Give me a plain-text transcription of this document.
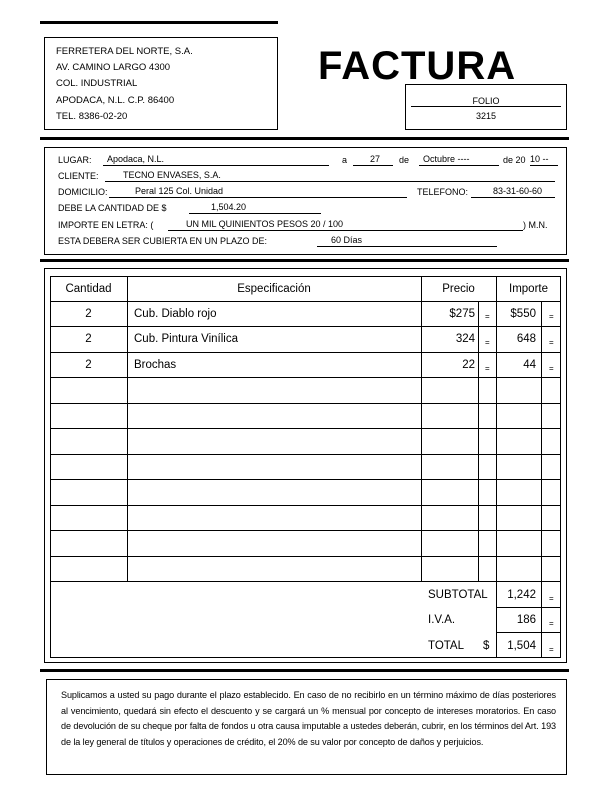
FERRETERA DEL NORTE, S.A.
AV. CAMINO LARGO 4300
COL. INDUSTRIAL
APODACA, N.L. C.P. 86400
TEL. 8386-02-20
FACTURA
FOLIO
3215
LUGAR:	Apodaca, N.L.	a	27	de	Octubre ----	de 20 10 --
CLIENTE:	TECNO ENVASES, S.A.
DOMICILIO:	Peral 125 Col. Unidad	TELEFONO:	83-31-60-60
DEBE LA CANTIDAD DE $	1,504.20
IMPORTE EN LETRA: (	UN MIL QUINIENTOS PESOS 20 / 100	) M.N.
ESTA DEBERA SER CUBIERTA EN UN PLAZO DE:	60 Días
Cantidad	Especificación	Precio	Importe
2	Cub. Diablo rojo	$275 =	$550 =
2	Cub. Pintura Vinílica	324 =	648 =
2	Brochas	22 =	44 =
SUBTOTAL	1,242 =
I.V.A.	186 =
TOTAL $	1,504 =
Suplicamos a usted su pago durante el plazo establecido. En caso de no recibirlo en un término máximo de días posteriores al vencimiento, quedará sin efecto el descuento y se cargará un % mensual por concepto de intereses moratorios. En caso de devolución de su cheque por falta de fondos u otra causa imputable a ustedes deberán, cubrir, en los términos del Art. 193 de la ley general de títulos y operaciones de crédito, el 20% de su valor por concepto de daños y perjuicios.
